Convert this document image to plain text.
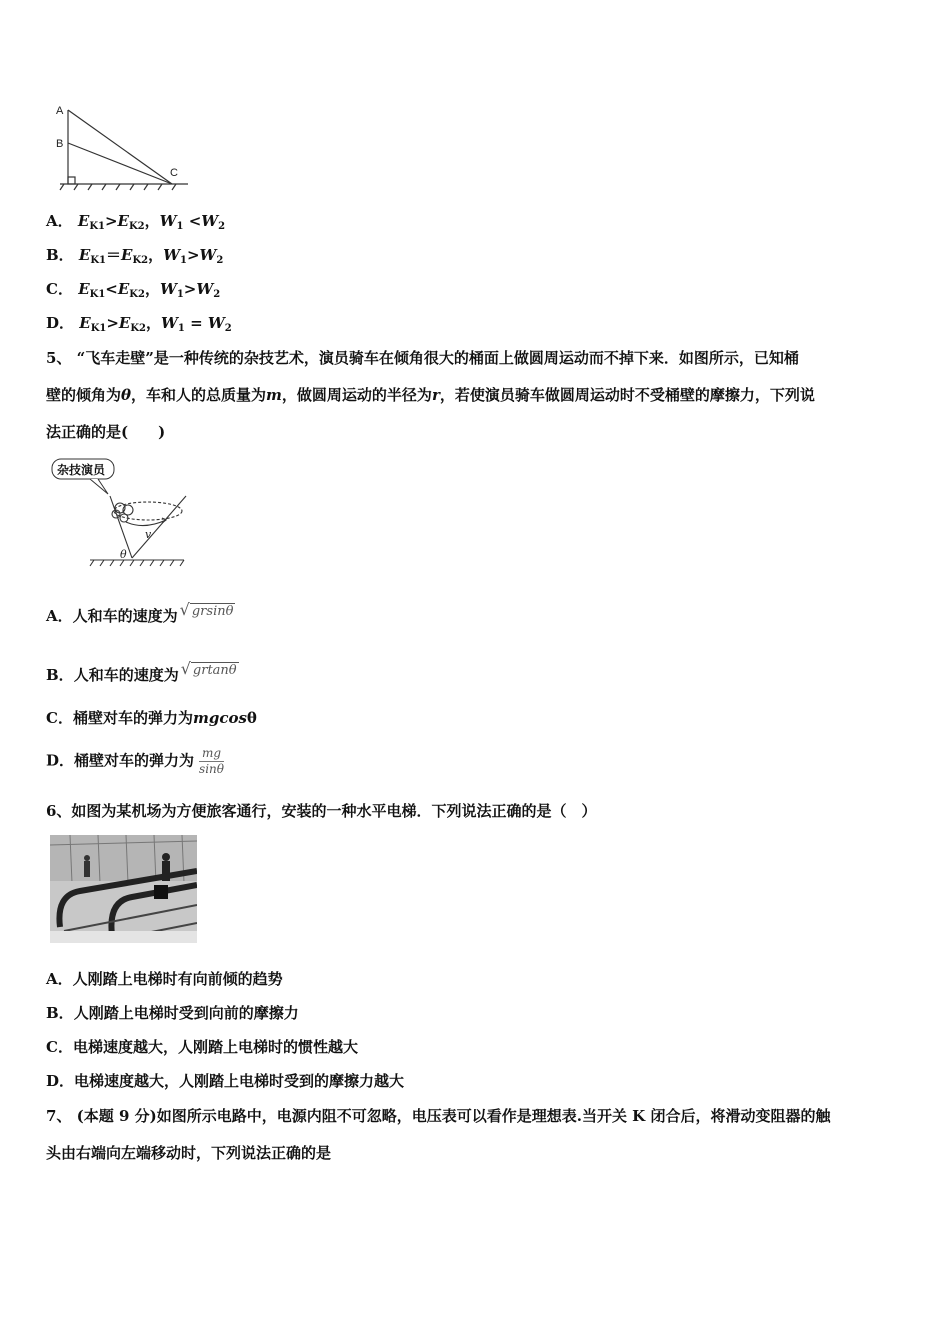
A
B
C
A． $E_{K1}>E_{K2}$，$W_1 <W_2$
B． $E_{K1}=E_{K2}$，$W_1>W_2$
C． $E_{K1}<E_{K2}$，$W_1>W_2$
D． $E_{K1}>E_{K2}$，$W_1 = W_2$
5、 “飞车走壁”是一种传统的杂技艺术，演员骑车在倾角很大的桶面上做圆周运动而不掉下来．如图所示，已知桶
壁的倾角为θ，车和人的总质量为m，做圆周运动的半径为r，若使演员骑车做圆周运动时不受桶壁的摩擦力，下列说
法正确的是(　　)
杂技演员
v
θ
A．人和车的速度为 √ grsinθ
B．人和车的速度为 √ grtanθ
C．桶壁对车的弹力为mgcosθ
D．桶壁对车的弹力为 $\frac{mg}{\sin\theta}$
6、如图为某机场为方便旅客通行，安装的一种水平电梯．下列说法正确的是（　）
A．人刚踏上电梯时有向前倾的趋势
B．人刚踏上电梯时受到向前的摩擦力
C．电梯速度越大，人刚踏上电梯时的惯性越大
D．电梯速度越大，人刚踏上电梯时受到的摩擦力越大
7、 (本题 9 分)如图所示电路中，电源内阻不可忽略，电压表可以看作是理想表.当开关 K 闭合后，将滑动变阻器的触
头由右端向左端移动时，下列说法正确的是
